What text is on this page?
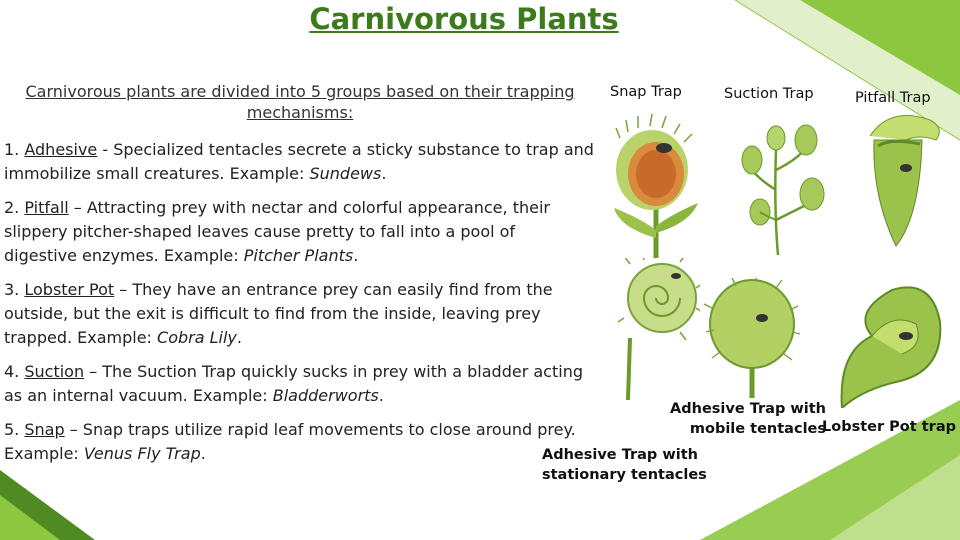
Carnivorous Plants
Carnivorous plants are divided into 5 groups based on their trapping mechanisms:
1. Adhesive - Specialized tentacles secrete a sticky substance to trap and immobilize small creatures. Example: Sundews.
2. Pitfall – Attracting prey with nectar and colorful appearance, their slippery pitcher-shaped leaves cause pretty to fall into a pool of digestive enzymes. Example: Pitcher Plants.
3. Lobster Pot – They have an entrance prey can easily find from the outside, but the exit is difficult to find from the inside, leaving prey trapped. Example: Cobra Lily.
4. Suction – The Suction Trap quickly sucks in prey with a bladder acting as an internal vacuum. Example: Bladderworts.
5. Snap – Snap traps utilize rapid leaf movements to close around prey. Example: Venus Fly Trap.
Snap Trap	Suction Trap	Pitfall Trap
Adhesive Trap with mobile tentacles
Lobster Pot trap
Adhesive Trap with stationary tentacles
